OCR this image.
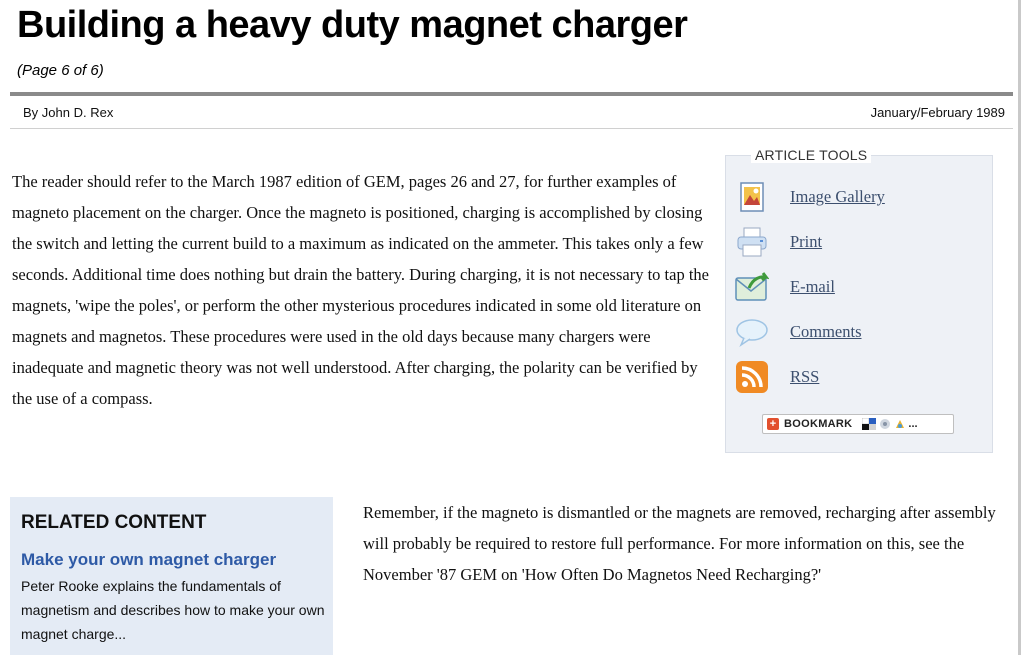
Building a heavy duty magnet charger
(Page 6 of 6)
By John D. Rex	January/February 1989

The reader should refer to the March 1987 edition of GEM, pages 26 and 27, for further examples of magneto placement on the charger. Once the magneto is positioned, charging is accomplished by closing the switch and letting the current build to a maximum as indicated on the ammeter. This takes only a few seconds. Additional time does nothing but drain the battery. During charging, it is not necessary to tap the magnets, 'wipe the poles', or perform the other mysterious procedures indicated in some old literature on magnets and magnetos. These procedures were used in the old days because many chargers were inadequate and magnetic theory was not well understood. After charging, the polarity can be verified by the use of a compass.

ARTICLE TOOLS
Image Gallery
Print
E-mail
Comments
RSS
+ BOOKMARK	...
RELATED CONTENT
Make your own magnet charger

Peter Rooke explains the fundamentals of magnetism and describes how to make your own magnet charge...

Remember, if the magneto is dismantled or the magnets are removed, recharging after assembly will probably be required to restore full performance. For more information on this, see the November '87 GEM on 'How Often Do Magnetos Need Recharging?'
